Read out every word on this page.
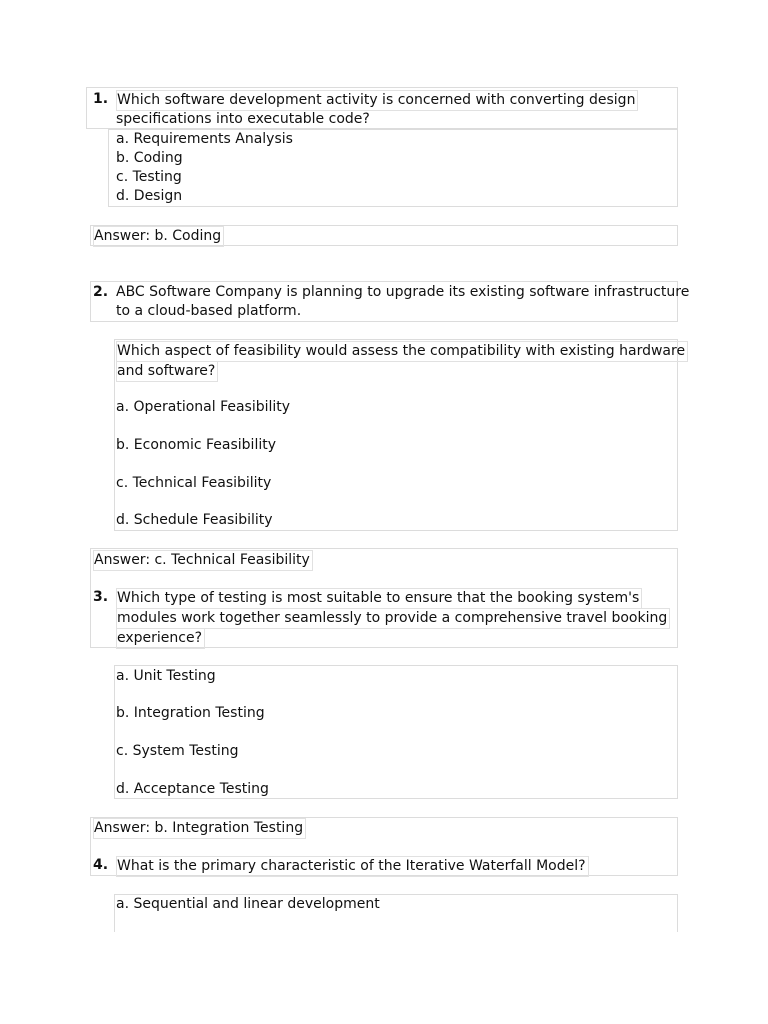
1. Which software development activity is concerned with converting design
specifications into executable code?
a. Requirements Analysis
b. Coding
c. Testing
d. Design
Answer: b. Coding
2. ABC Software Company is planning to upgrade its existing software infrastructure
to a cloud-based platform.
Which aspect of feasibility would assess the compatibility with existing hardware
and software?
a. Operational Feasibility
b. Economic Feasibility
c. Technical Feasibility
d. Schedule Feasibility
Answer: c. Technical Feasibility
3. Which type of testing is most suitable to ensure that the booking system's
modules work together seamlessly to provide a comprehensive travel booking
experience?
a. Unit Testing
b. Integration Testing
c. System Testing
d. Acceptance Testing
Answer: b. Integration Testing
4. What is the primary characteristic of the Iterative Waterfall Model?
a. Sequential and linear development
